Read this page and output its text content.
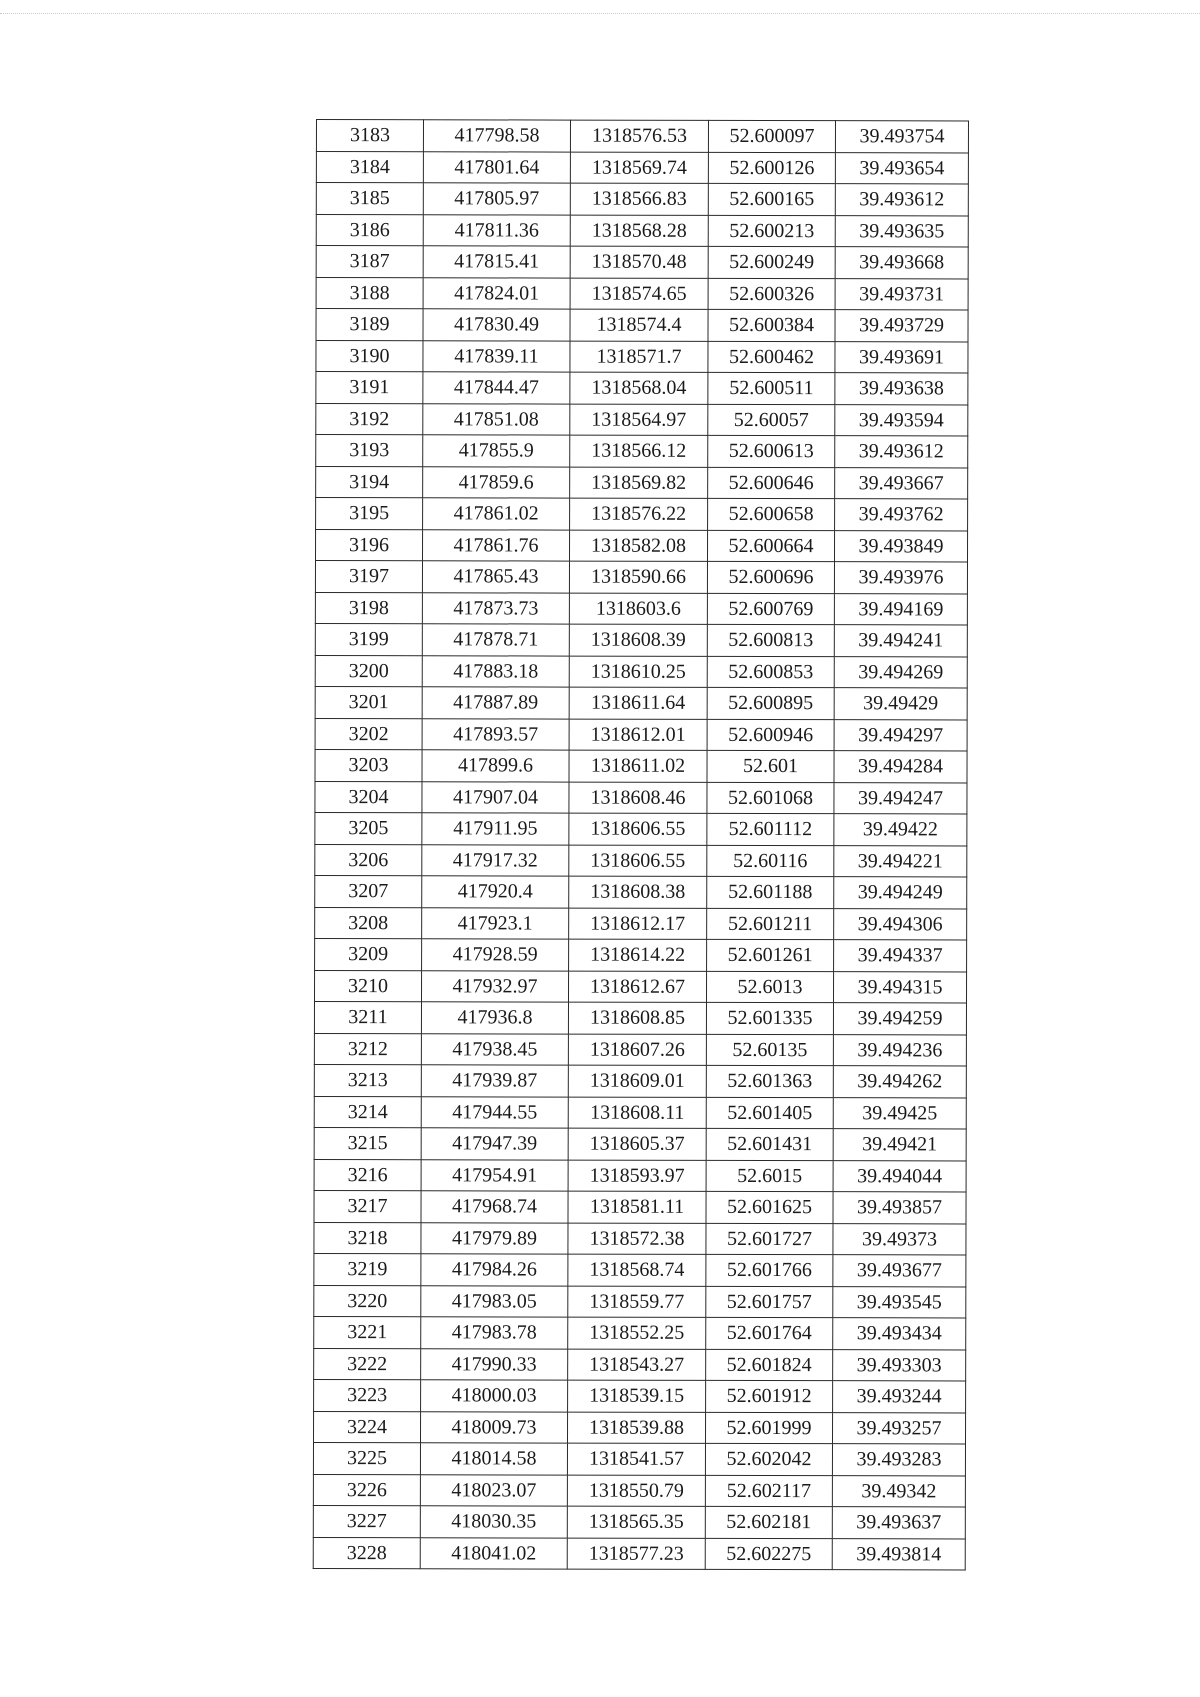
3183	417798.58	1318576.53	52.600097	39.493754
3184	417801.64	1318569.74	52.600126	39.493654
3185	417805.97	1318566.83	52.600165	39.493612
3186	417811.36	1318568.28	52.600213	39.493635
3187	417815.41	1318570.48	52.600249	39.493668
3188	417824.01	1318574.65	52.600326	39.493731
3189	417830.49	1318574.4	52.600384	39.493729
3190	417839.11	1318571.7	52.600462	39.493691
3191	417844.47	1318568.04	52.600511	39.493638
3192	417851.08	1318564.97	52.60057	39.493594
3193	417855.9	1318566.12	52.600613	39.493612
3194	417859.6	1318569.82	52.600646	39.493667
3195	417861.02	1318576.22	52.600658	39.493762
3196	417861.76	1318582.08	52.600664	39.493849
3197	417865.43	1318590.66	52.600696	39.493976
3198	417873.73	1318603.6	52.600769	39.494169
3199	417878.71	1318608.39	52.600813	39.494241
3200	417883.18	1318610.25	52.600853	39.494269
3201	417887.89	1318611.64	52.600895	39.49429
3202	417893.57	1318612.01	52.600946	39.494297
3203	417899.6	1318611.02	52.601	39.494284
3204	417907.04	1318608.46	52.601068	39.494247
3205	417911.95	1318606.55	52.601112	39.49422
3206	417917.32	1318606.55	52.60116	39.494221
3207	417920.4	1318608.38	52.601188	39.494249
3208	417923.1	1318612.17	52.601211	39.494306
3209	417928.59	1318614.22	52.601261	39.494337
3210	417932.97	1318612.67	52.6013	39.494315
3211	417936.8	1318608.85	52.601335	39.494259
3212	417938.45	1318607.26	52.60135	39.494236
3213	417939.87	1318609.01	52.601363	39.494262
3214	417944.55	1318608.11	52.601405	39.49425
3215	417947.39	1318605.37	52.601431	39.49421
3216	417954.91	1318593.97	52.6015	39.494044
3217	417968.74	1318581.11	52.601625	39.493857
3218	417979.89	1318572.38	52.601727	39.49373
3219	417984.26	1318568.74	52.601766	39.493677
3220	417983.05	1318559.77	52.601757	39.493545
3221	417983.78	1318552.25	52.601764	39.493434
3222	417990.33	1318543.27	52.601824	39.493303
3223	418000.03	1318539.15	52.601912	39.493244
3224	418009.73	1318539.88	52.601999	39.493257
3225	418014.58	1318541.57	52.602042	39.493283
3226	418023.07	1318550.79	52.602117	39.49342
3227	418030.35	1318565.35	52.602181	39.493637
3228	418041.02	1318577.23	52.602275	39.493814
